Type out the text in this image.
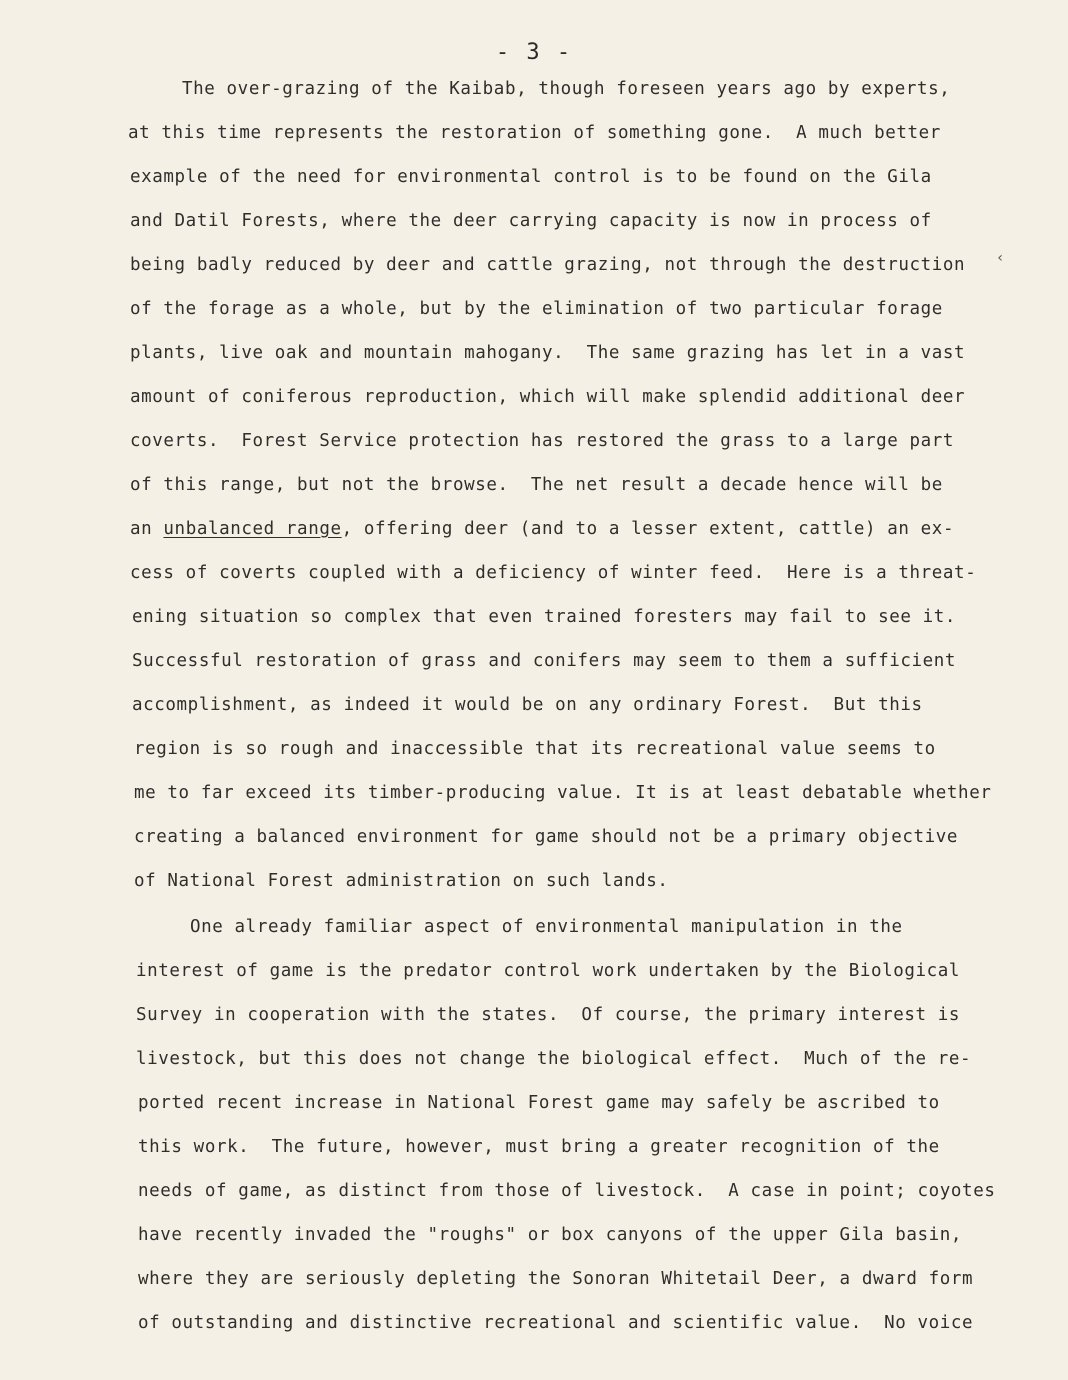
- 3 -
‹
The over-grazing of the Kaibab, though foreseen years ago by experts,
at this time represents the restoration of something gone.  A much better
example of the need for environmental control is to be found on the Gila
and Datil Forests, where the deer carrying capacity is now in process of
being badly reduced by deer and cattle grazing, not through the destruction
of the forage as a whole, but by the elimination of two particular forage
plants, live oak and mountain mahogany.  The same grazing has let in a vast
amount of coniferous reproduction, which will make splendid additional deer
coverts.  Forest Service protection has restored the grass to a large part
of this range, but not the browse.  The net result a decade hence will be
an unbalanced range, offering deer (and to a lesser extent, cattle) an ex-
cess of coverts coupled with a deficiency of winter feed.  Here is a threat-
ening situation so complex that even trained foresters may fail to see it.
Successful restoration of grass and conifers may seem to them a sufficient
accomplishment, as indeed it would be on any ordinary Forest.  But this
region is so rough and inaccessible that its recreational value seems to
me to far exceed its timber-producing value. It is at least debatable whether
creating a balanced environment for game should not be a primary objective
of National Forest administration on such lands.
One already familiar aspect of environmental manipulation in the
interest of game is the predator control work undertaken by the Biological
Survey in cooperation with the states.  Of course, the primary interest is
livestock, but this does not change the biological effect.  Much of the re-
ported recent increase in National Forest game may safely be ascribed to
this work.  The future, however, must bring a greater recognition of the
needs of game, as distinct from those of livestock.  A case in point; coyotes
have recently invaded the "roughs" or box canyons of the upper Gila basin,
where they are seriously depleting the Sonoran Whitetail Deer, a dward form
of outstanding and distinctive recreational and scientific value.  No voice
